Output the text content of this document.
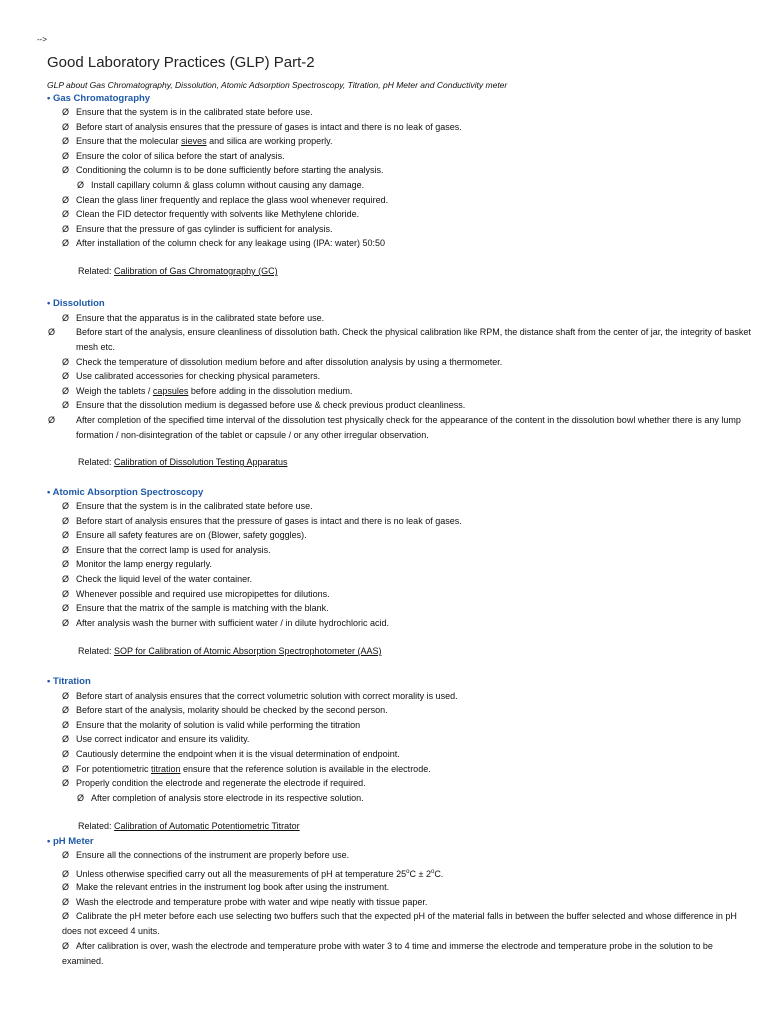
-->
Good Laboratory Practices (GLP) Part-2
GLP about Gas Chromatography, Dissolution, Atomic Adsorption Spectroscopy, Titration, pH Meter and Conductivity meter
• Gas Chromatography
Ø Ensure that the system is in the calibrated state before use.
Ø Before start of analysis ensures that the pressure of gases is intact and there is no leak of gases.
Ø Ensure that the molecular sieves and silica are working properly.
Ø Ensure the color of silica before the start of analysis.
Ø Conditioning the column is to be done sufficiently before starting the analysis.
Ø Install capillary column & glass column without causing any damage.
Ø Clean the glass liner frequently and replace the glass wool whenever required.
Ø Clean the FID detector frequently with solvents like Methylene chloride.
Ø Ensure that the pressure of gas cylinder is sufficient for analysis.
Ø After installation of the column check for any leakage using (IPA: water) 50:50
Related: Calibration of Gas Chromatography (GC)
• Dissolution
Ø Ensure that the apparatus is in the calibrated state before use.
Ø Before start of the analysis, ensure cleanliness of dissolution bath. Check the physical calibration like RPM, the distance shaft from the center of jar, the integrity of basket mesh etc.
Ø Check the temperature of dissolution medium before and after dissolution analysis by using a thermometer.
Ø Use calibrated accessories for checking physical parameters.
Ø Weigh the tablets / capsules before adding in the dissolution medium.
Ø Ensure that the dissolution medium is degassed before use & check previous product cleanliness.
Ø After completion of the specified time interval of the dissolution test physically check for the appearance of the content in the dissolution bowl whether there is any lump formation / non-disintegration of the tablet or capsule / or any other irregular observation.
Related: Calibration of Dissolution Testing Apparatus
• Atomic Absorption Spectroscopy
Ø Ensure that the system is in the calibrated state before use.
Ø Before start of analysis ensures that the pressure of gases is intact and there is no leak of gases.
Ø Ensure all safety features are on (Blower, safety goggles).
Ø Ensure that the correct lamp is used for analysis.
Ø Monitor the lamp energy regularly.
Ø Check the liquid level of the water container.
Ø Whenever possible and required use micropipettes for dilutions.
Ø Ensure that the matrix of the sample is matching with the blank.
Ø After analysis wash the burner with sufficient water / in dilute hydrochloric acid.
Related: SOP for Calibration of Atomic Absorption Spectrophotometer (AAS)
• Titration
Ø Before start of analysis ensures that the correct volumetric solution with correct morality is used.
Ø Before start of the analysis, molarity should be checked by the second person.
Ø Ensure that the molarity of solution is valid while performing the titration
Ø Use correct indicator and ensure its validity.
Ø Cautiously determine the endpoint when it is the visual determination of endpoint.
Ø For potentiometric titration ensure that the reference solution is available in the electrode.
Ø Properly condition the electrode and regenerate the electrode if required.
Ø After completion of analysis store electrode in its respective solution.
Related: Calibration of Automatic Potentiometric Titrator
• pH Meter
Ø Ensure all the connections of the instrument are properly before use.
Ø Unless otherwise specified carry out all the measurements of pH at temperature $25^oC \pm 2^oC$.
Ø Make the relevant entries in the instrument log book after using the instrument.
Ø Wash the electrode and temperature probe with water and wipe neatly with tissue paper.
Ø Calibrate the pH meter before each use selecting two buffers such that the expected pH of the material falls in between the buffer selected and whose difference in pH does not exceed 4 units.
Ø After calibration is over, wash the electrode and temperature probe with water 3 to 4 time and immerse the electrode and temperature probe in the solution to be examined.
